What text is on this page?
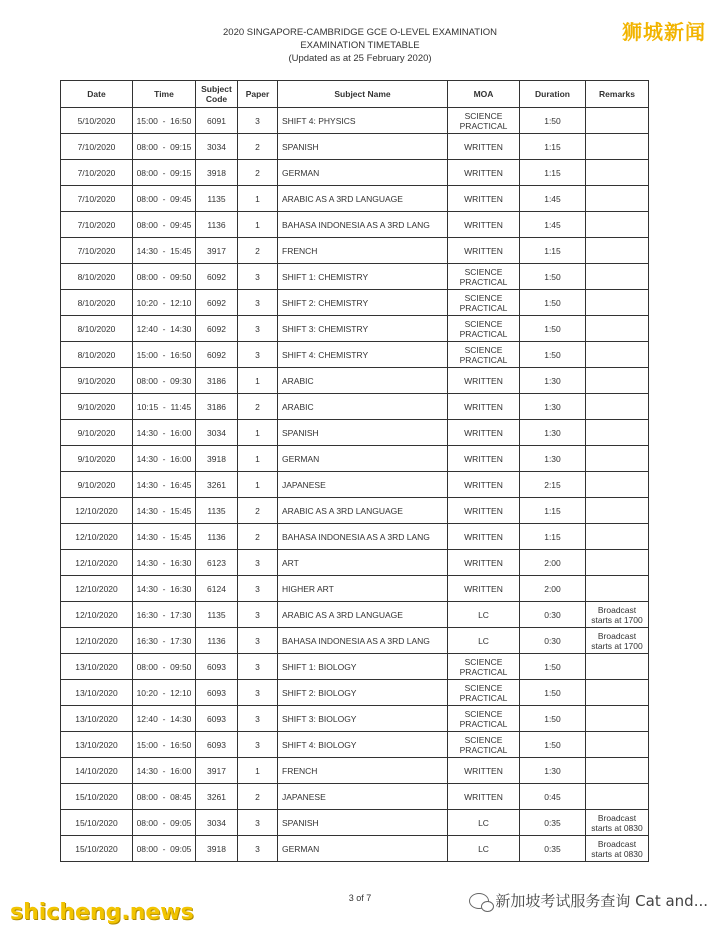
狮城新闻
2020 SINGAPORE-CAMBRIDGE GCE O-LEVEL EXAMINATION
EXAMINATION TIMETABLE
(Updated as at 25 February 2020)
Date	Time	Subject Code	Paper	Subject Name	MOA	Duration	Remarks
5/10/2020	15:00  -  16:50	6091	3	SHIFT 4: PHYSICS	SCIENCE PRACTICAL	1:50	
7/10/2020	08:00  -  09:15	3034	2	SPANISH	WRITTEN	1:15	
7/10/2020	08:00  -  09:15	3918	2	GERMAN	WRITTEN	1:15	
7/10/2020	08:00  -  09:45	1135	1	ARABIC AS A 3RD LANGUAGE	WRITTEN	1:45	
7/10/2020	08:00  -  09:45	1136	1	BAHASA INDONESIA AS A 3RD LANG	WRITTEN	1:45	
7/10/2020	14:30  -  15:45	3917	2	FRENCH	WRITTEN	1:15	
8/10/2020	08:00  -  09:50	6092	3	SHIFT 1: CHEMISTRY	SCIENCE PRACTICAL	1:50	
8/10/2020	10:20  -  12:10	6092	3	SHIFT 2: CHEMISTRY	SCIENCE PRACTICAL	1:50	
8/10/2020	12:40  -  14:30	6092	3	SHIFT 3: CHEMISTRY	SCIENCE PRACTICAL	1:50	
8/10/2020	15:00  -  16:50	6092	3	SHIFT 4: CHEMISTRY	SCIENCE PRACTICAL	1:50	
9/10/2020	08:00  -  09:30	3186	1	ARABIC	WRITTEN	1:30	
9/10/2020	10:15  -  11:45	3186	2	ARABIC	WRITTEN	1:30	
9/10/2020	14:30  -  16:00	3034	1	SPANISH	WRITTEN	1:30	
9/10/2020	14:30  -  16:00	3918	1	GERMAN	WRITTEN	1:30	
9/10/2020	14:30  -  16:45	3261	1	JAPANESE	WRITTEN	2:15	
12/10/2020	14:30  -  15:45	1135	2	ARABIC AS A 3RD LANGUAGE	WRITTEN	1:15	
12/10/2020	14:30  -  15:45	1136	2	BAHASA INDONESIA AS A 3RD LANG	WRITTEN	1:15	
12/10/2020	14:30  -  16:30	6123	3	ART	WRITTEN	2:00	
12/10/2020	14:30  -  16:30	6124	3	HIGHER ART	WRITTEN	2:00	
12/10/2020	16:30  -  17:30	1135	3	ARABIC AS A 3RD LANGUAGE	LC	0:30	Broadcast starts at 1700
12/10/2020	16:30  -  17:30	1136	3	BAHASA INDONESIA AS A 3RD LANG	LC	0:30	Broadcast starts at 1700
13/10/2020	08:00  -  09:50	6093	3	SHIFT 1: BIOLOGY	SCIENCE PRACTICAL	1:50	
13/10/2020	10:20  -  12:10	6093	3	SHIFT 2: BIOLOGY	SCIENCE PRACTICAL	1:50	
13/10/2020	12:40  -  14:30	6093	3	SHIFT 3: BIOLOGY	SCIENCE PRACTICAL	1:50	
13/10/2020	15:00  -  16:50	6093	3	SHIFT 4: BIOLOGY	SCIENCE PRACTICAL	1:50	
14/10/2020	14:30  -  16:00	3917	1	FRENCH	WRITTEN	1:30	
15/10/2020	08:00  -  08:45	3261	2	JAPANESE	WRITTEN	0:45	
15/10/2020	08:00  -  09:05	3034	3	SPANISH	LC	0:35	Broadcast starts at 0830
15/10/2020	08:00  -  09:05	3918	3	GERMAN	LC	0:35	Broadcast starts at 0830
3 of 7
shicheng.news	新加坡考试服务查询 Cat and...
